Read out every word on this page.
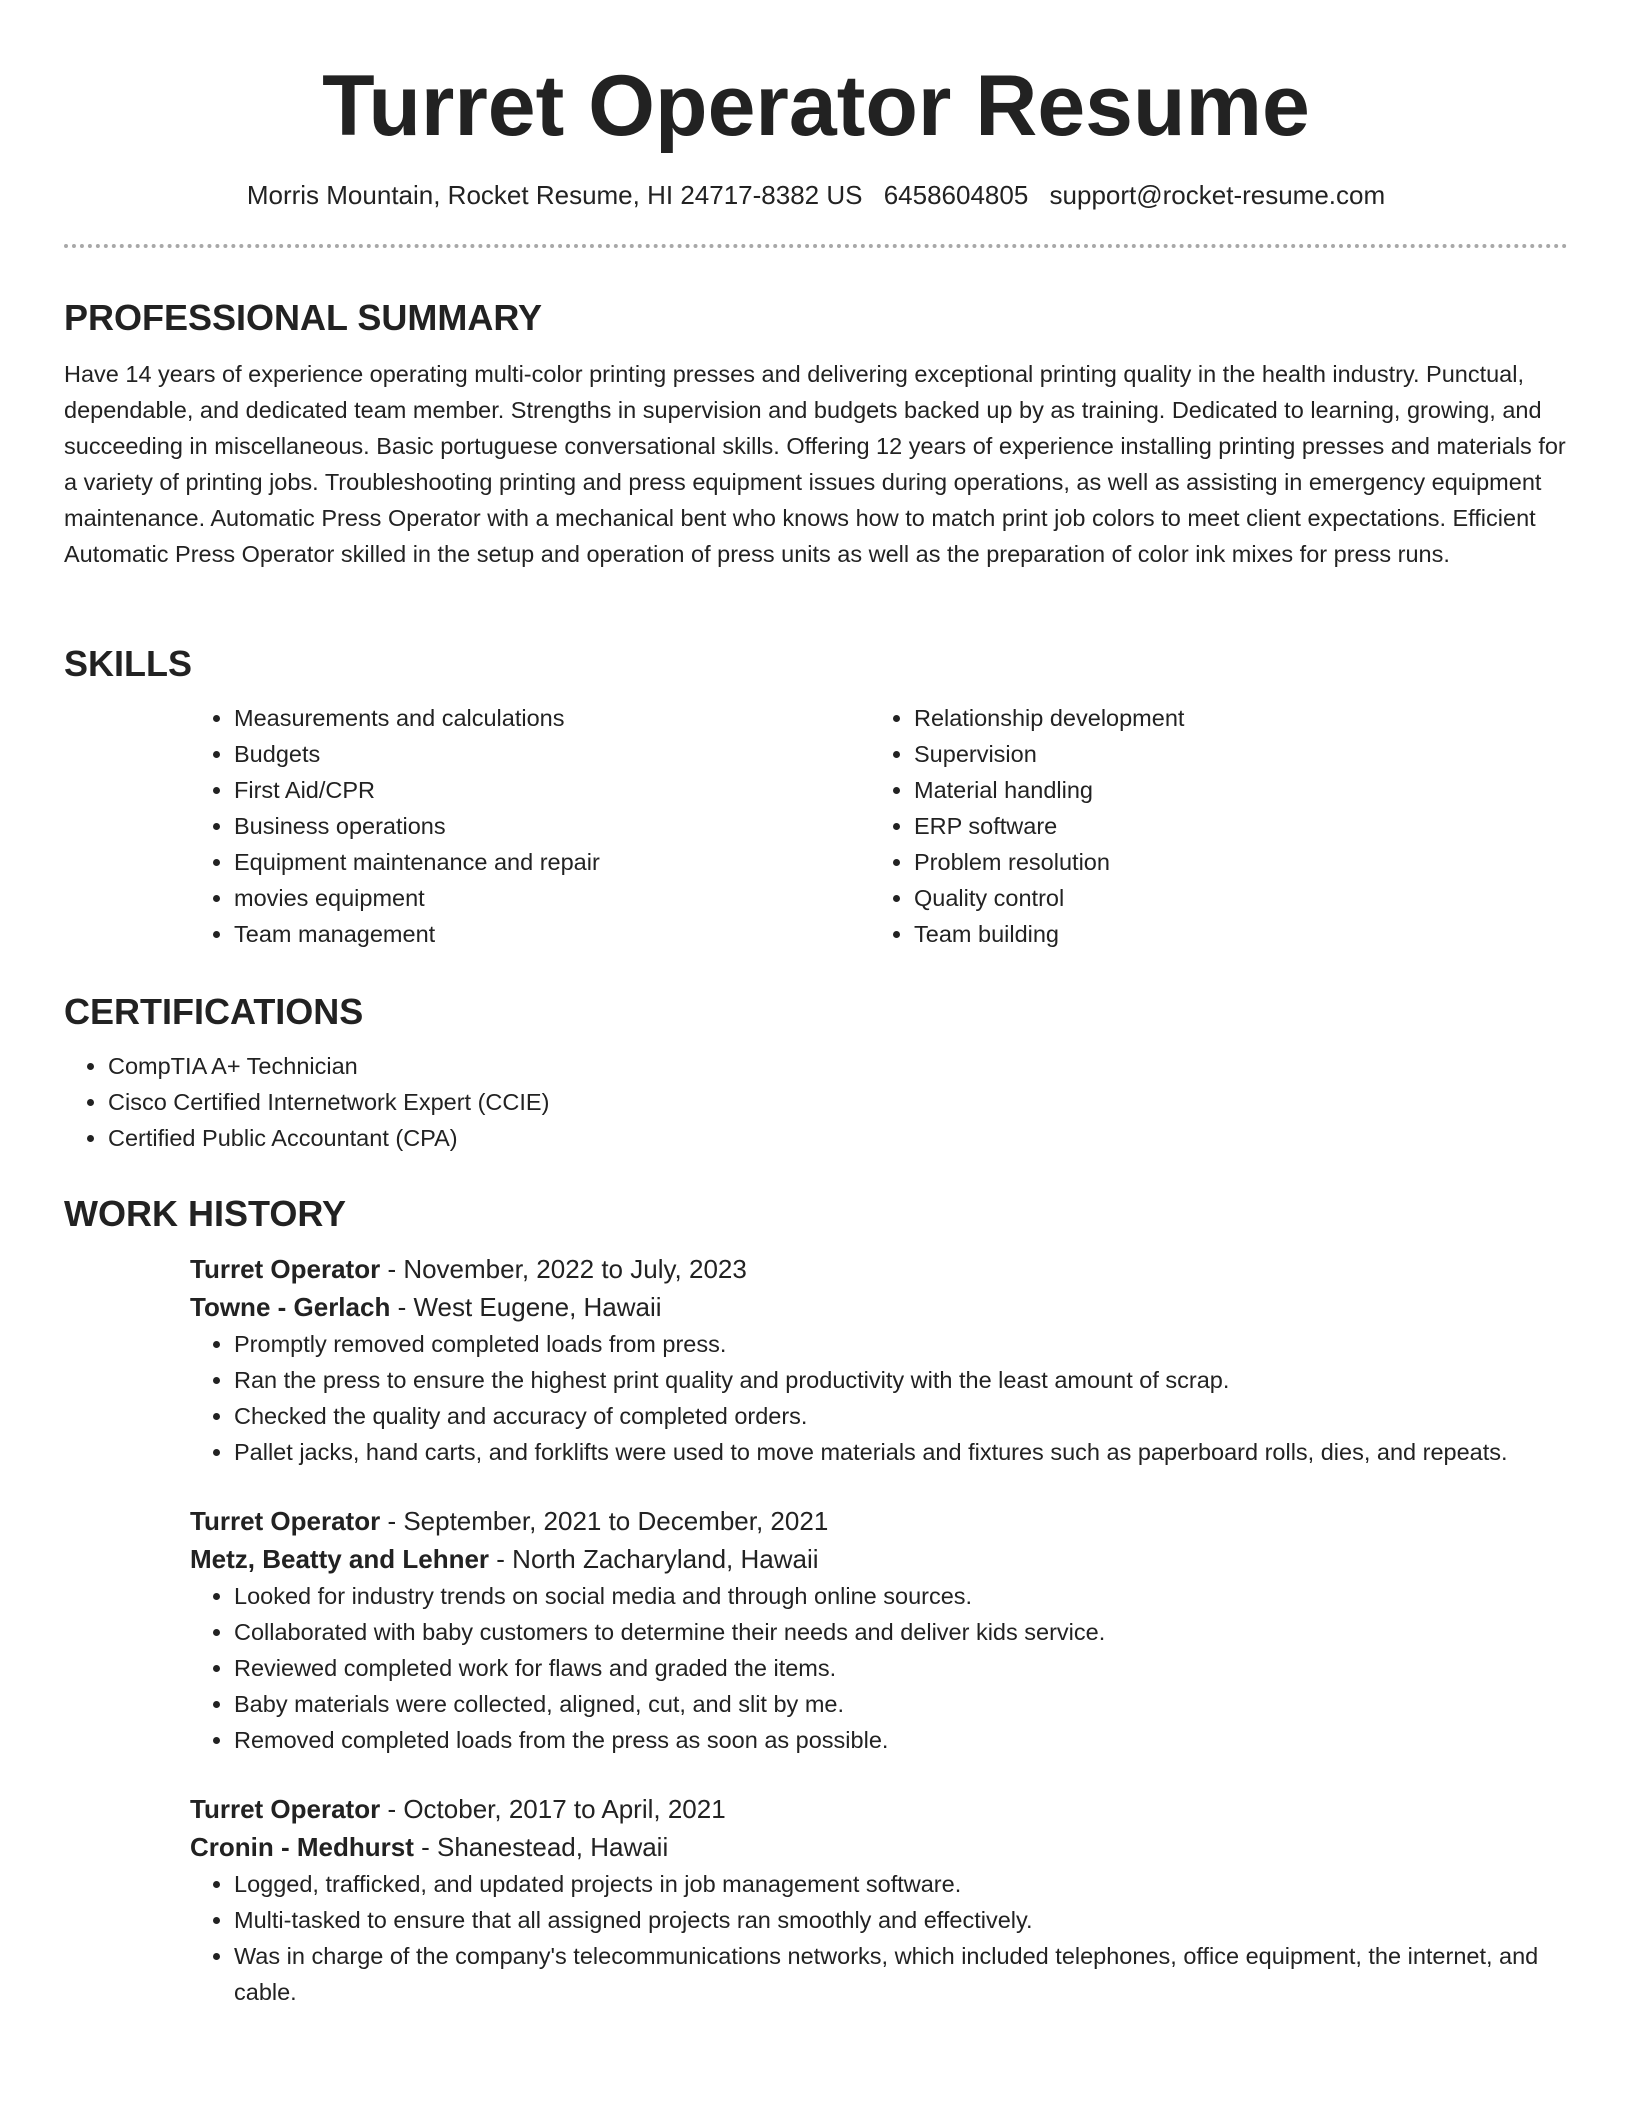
Turret Operator Resume
Morris Mountain, Rocket Resume, HI 24717-8382 US 6458604805 support@rocket-resume.com
PROFESSIONAL SUMMARY

Have 14 years of experience operating multi-color printing presses and delivering exceptional printing quality in the health industry. Punctual, dependable, and dedicated team member. Strengths in supervision and budgets backed up by as training. Dedicated to learning, growing, and succeeding in miscellaneous. Basic portuguese conversational skills. Offering 12 years of experience installing printing presses and materials for a variety of printing jobs. Troubleshooting printing and press equipment issues during operations, as well as assisting in emergency equipment maintenance. Automatic Press Operator with a mechanical bent who knows how to match print job colors to meet client expectations. Efficient Automatic Press Operator skilled in the setup and operation of press units as well as the preparation of color ink mixes for press runs.

SKILLS
• Measurements and calculations
• Budgets
• First Aid/CPR
• Business operations
• Equipment maintenance and repair
• movies equipment
• Team management
• Relationship development
• Supervision
• Material handling
• ERP software
• Problem resolution
• Quality control
• Team building
CERTIFICATIONS
• CompTIA A+ Technician
• Cisco Certified Internetwork Expert (CCIE)
• Certified Public Accountant (CPA)
WORK HISTORY
Turret Operator - November, 2022 to July, 2023
Towne - Gerlach - West Eugene, Hawaii
• Promptly removed completed loads from press.
• Ran the press to ensure the highest print quality and productivity with the least amount of scrap.
• Checked the quality and accuracy of completed orders.
• Pallet jacks, hand carts, and forklifts were used to move materials and fixtures such as paperboard rolls, dies, and repeats.
Turret Operator - September, 2021 to December, 2021
Metz, Beatty and Lehner - North Zacharyland, Hawaii
• Looked for industry trends on social media and through online sources.
• Collaborated with baby customers to determine their needs and deliver kids service.
• Reviewed completed work for flaws and graded the items.
• Baby materials were collected, aligned, cut, and slit by me.
• Removed completed loads from the press as soon as possible.
Turret Operator - October, 2017 to April, 2021
Cronin - Medhurst - Shanestead, Hawaii
• Logged, trafficked, and updated projects in job management software.
• Multi-tasked to ensure that all assigned projects ran smoothly and effectively.
• Was in charge of the company's telecommunications networks, which included telephones, office equipment, the internet, and cable.
